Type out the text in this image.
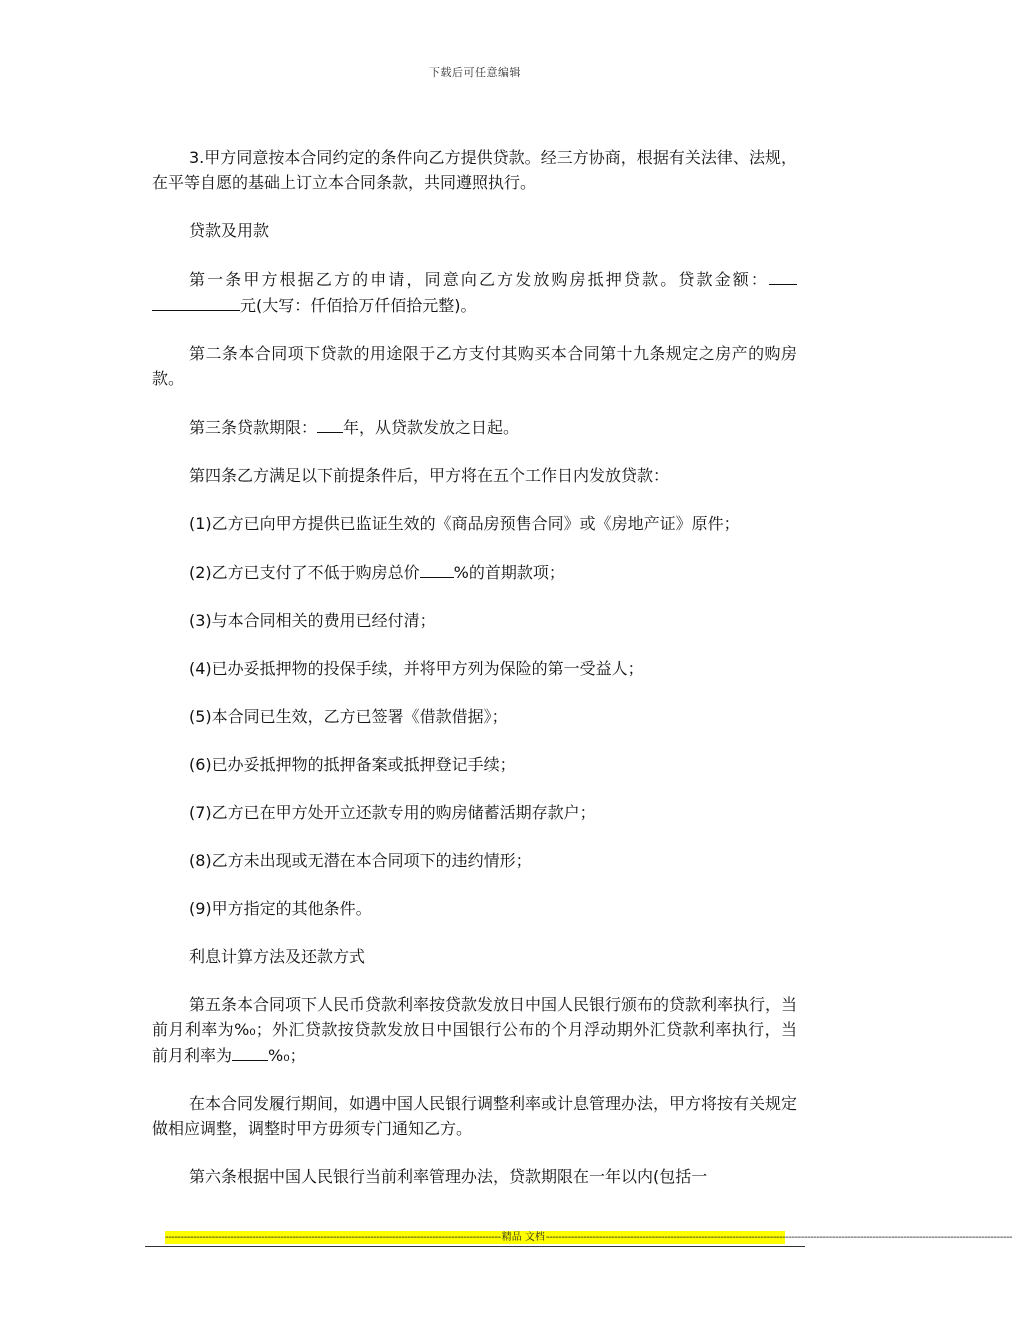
下载后可任意编辑

3.甲方同意按本合同约定的条件向乙方提供贷款。经三方协商，根据有关法律、法规，在平等自愿的基础上订立本合同条款，共同遵照执行。

贷款及用款

第一条甲方根据乙方的申请，同意向乙方发放购房抵押贷款。贷款金额：元(大写：仟佰拾万仟佰拾元整)。

第二条本合同项下贷款的用途限于乙方支付其购买本合同第十九条规定之房产的购房款。

第三条贷款期限： 年，从贷款发放之日起。

第四条乙方满足以下前提条件后，甲方将在五个工作日内发放贷款：

(1)乙方已向甲方提供已监证生效的《商品房预售合同》或《房地产证》原件；

(2)乙方已支付了不低于购房总价 %的首期款项；

(3)与本合同相关的费用已经付清；

(4)已办妥抵押物的投保手续，并将甲方列为保险的第一受益人；

(5)本合同已生效，乙方已签署《借款借据》；

(6)已办妥抵押物的抵押备案或抵押登记手续；

(7)乙方已在甲方处开立还款专用的购房储蓄活期存款户；

(8)乙方未出现或无潜在本合同项下的违约情形；

(9)甲方指定的其他条件。

利息计算方法及还款方式

第五条本合同项下人民币贷款利率按贷款发放日中国人民银行颁布的贷款利率执行，当前月利率为%₀；外汇贷款按贷款发放日中国银行公布的个月浮动期外汇贷款利率执行，当前月利率为 %₀；

在本合同发履行期间，如遇中国人民银行调整利率或计息管理办法，甲方将按有关规定做相应调整，调整时甲方毋须专门通知乙方。

第六条根据中国人民银行当前利率管理办法，贷款期限在一年以内(包括一

------------------------------------------------------------------------------------------------------------ 精品 文档 ------------------------------------------------------------------------------------------------------------------------------------------------------
